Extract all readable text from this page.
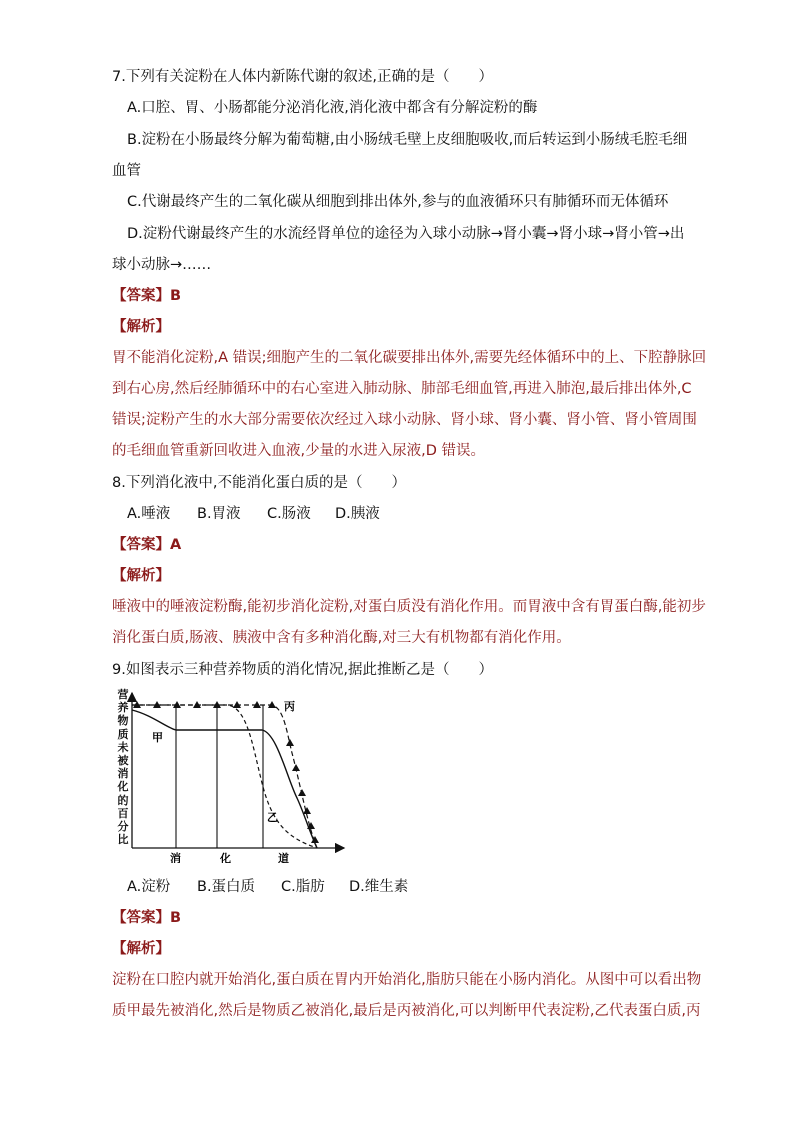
7.下列有关淀粉在人体内新陈代谢的叙述,正确的是（　　）
A.口腔、胃、小肠都能分泌消化液,消化液中都含有分解淀粉的酶
B.淀粉在小肠最终分解为葡萄糖,由小肠绒毛壁上皮细胞吸收,而后转运到小肠绒毛腔毛细
血管
C.代谢最终产生的二氧化碳从细胞到排出体外,参与的血液循环只有肺循环而无体循环
D.淀粉代谢最终产生的水流经肾单位的途径为入球小动脉→肾小囊→肾小球→肾小管→出
球小动脉→……
【答案】B
【解析】
胃不能消化淀粉,A 错误;细胞产生的二氧化碳要排出体外,需要先经体循环中的上、下腔静脉回
到右心房,然后经肺循环中的右心室进入肺动脉、肺部毛细血管,再进入肺泡,最后排出体外,C
错误;淀粉产生的水大部分需要依次经过入球小动脉、肾小球、肾小囊、肾小管、肾小管周围
的毛细血管重新回收进入血液,少量的水进入尿液,D 错误。
8.下列消化液中,不能消化蛋白质的是（　　）
A.唾液 B.胃液 C.肠液 D.胰液
【答案】A
【解析】
唾液中的唾液淀粉酶,能初步消化淀粉,对蛋白质没有消化作用。而胃液中含有胃蛋白酶,能初步
消化蛋白质,肠液、胰液中含有多种消化酶,对三大有机物都有消化作用。
9.如图表示三种营养物质的消化情况,据此推断乙是（　　）
营养物质未被消化的百分比
甲
乙
丙
消	化	道
A.淀粉 B.蛋白质 C.脂肪 D.维生素
【答案】B
【解析】
淀粉在口腔内就开始消化,蛋白质在胃内开始消化,脂肪只能在小肠内消化。从图中可以看出物
质甲最先被消化,然后是物质乙被消化,最后是丙被消化,可以判断甲代表淀粉,乙代表蛋白质,丙
